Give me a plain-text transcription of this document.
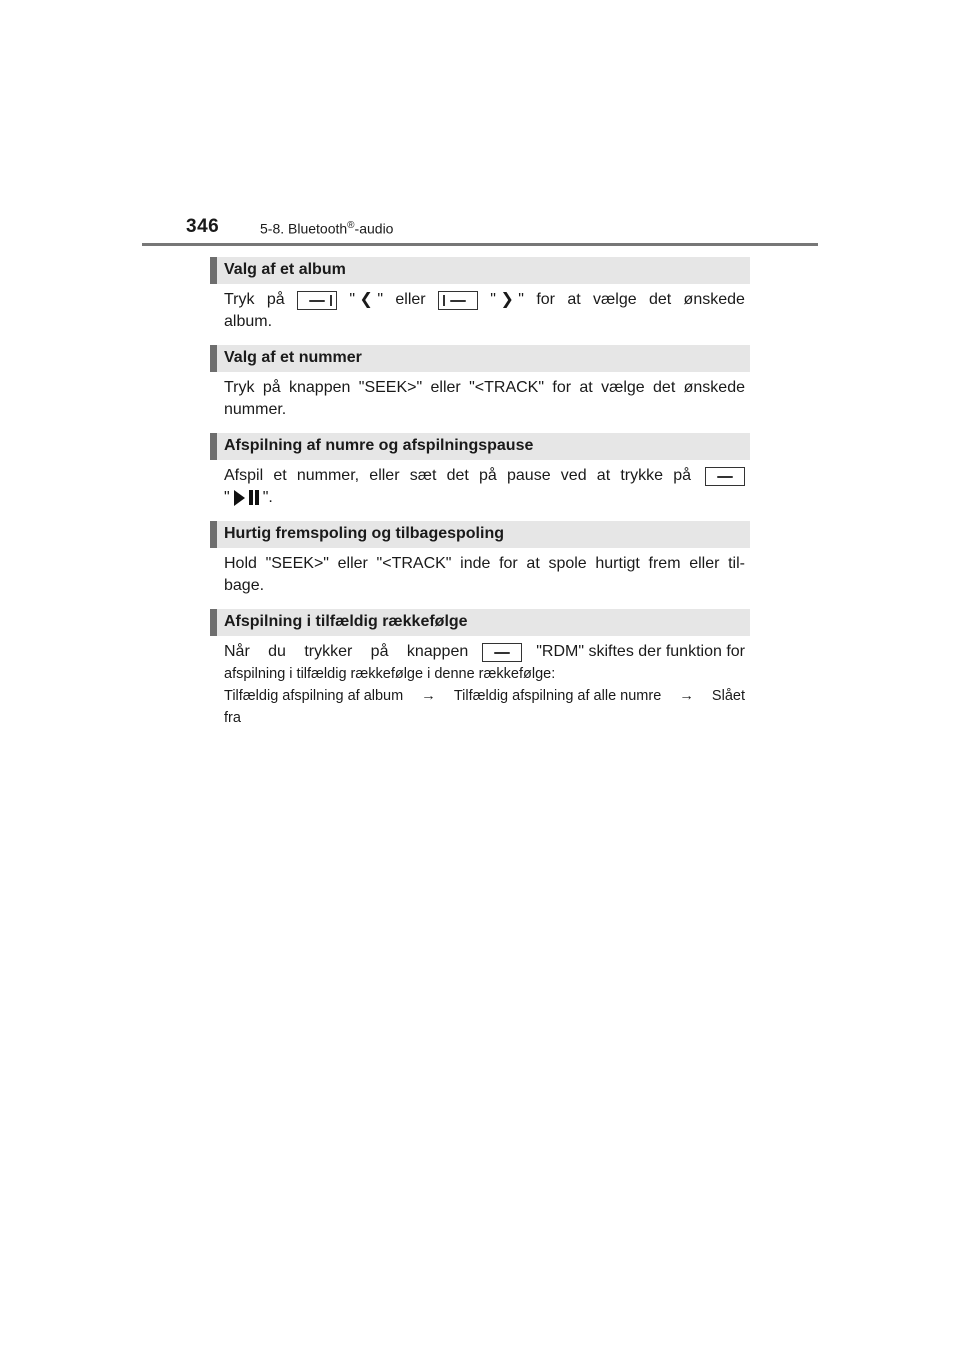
346	5-8. Bluetooth®-audio
Valg af et album
Tryk på	" ❮ " eller	" ❯ " for at vælge det ønskede
album.
Valg af et nummer
Tryk på knappen "SEEK>" eller "<TRACK" for at vælge det ønskede
nummer.
Afspilning af numre og afspilningspause
Afspil et nummer, eller sæt det på pause ved at trykke på
" ".
Hurtig fremspoling og tilbagespoling
Hold "SEEK>" eller "<TRACK" inde for at spole hurtigt frem eller til-
bage.
Afspilning i tilfældig rækkefølge
Når du trykker på knappen	"RDM" skiftes der funktion for
afspilning i tilfældig rækkefølge i denne rækkefølge:
Tilfældig afspilning af album → Tilfældig afspilning af alle numre → Slået
fra
